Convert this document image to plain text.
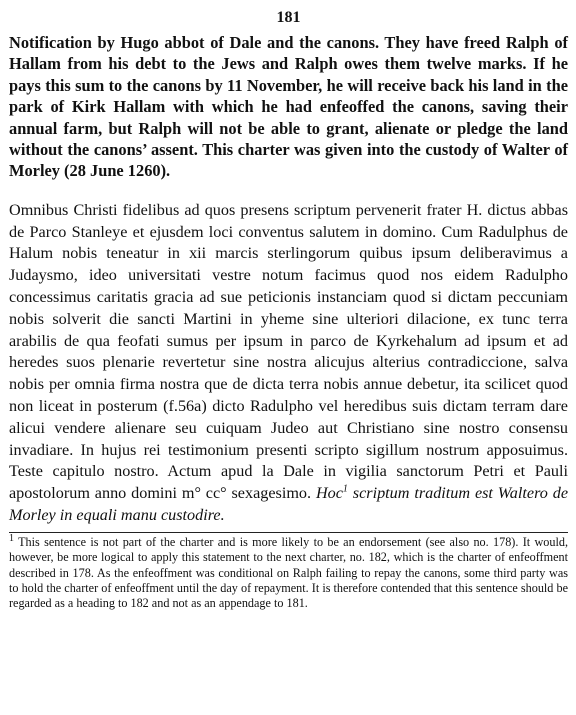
181

Notification by Hugo abbot of Dale and the canons. They have freed Ralph of Hallam from his debt to the Jews and Ralph owes them twelve marks. If he pays this sum to the canons by 11 November, he will receive back his land in the park of Kirk Hallam with which he had enfeoffed the canons, saving their annual farm, but Ralph will not be able to grant, alienate or pledge the land without the canons’ assent. This charter was given into the custody of Walter of Morley (28 June 1260).

Omnibus Christi fidelibus ad quos presens scriptum pervenerit frater H. dictus abbas de Parco Stanleye et ejusdem loci conventus salutem in domino. Cum Radulphus de Halum nobis teneatur in xii marcis sterlingorum quibus ipsum deliberavimus a Judaysmo, ideo universitati vestre notum facimus quod nos eidem Radulpho concessimus caritatis gracia ad sue peticionis instanciam quod si dictam peccuniam nobis solverit die sancti Martini in yheme sine ulteriori dilacione, ex tunc terra arabilis de qua feofati sumus per ipsum in parco de Kyrkehalum ad ipsum et ad heredes suos plenarie revertetur sine nostra alicujus alterius contradiccione, salva nobis per omnia firma nostra que de dicta terra nobis annue debetur, ita scilicet quod non liceat in posterum (f.56a) dicto Radulpho vel heredibus suis dictam terram dare alicui vendere alienare seu cuiquam Judeo aut Christiano sine nostro consensu invadiare. In hujus rei testimonium presenti scripto sigillum nostrum apposuimus. Teste capitulo nostro. Actum apud la Dale in vigilia sanctorum Petri et Pauli apostolorum anno domini m° cc° sexagesimo. Hoc$^1$ scriptum traditum est Waltero de Morley in equali manu custodire.

$^1$ This sentence is not part of the charter and is more likely to be an endorsement (see also no. 178). It would, however, be more logical to apply this statement to the next charter, no. 182, which is the charter of enfeoffment described in 178. As the enfeoffment was conditional on Ralph failing to repay the canons, some third party was to hold the charter of enfeoffment until the day of repayment. It is therefore contended that this sentence should be regarded as a heading to 182 and not as an appendage to 181.
